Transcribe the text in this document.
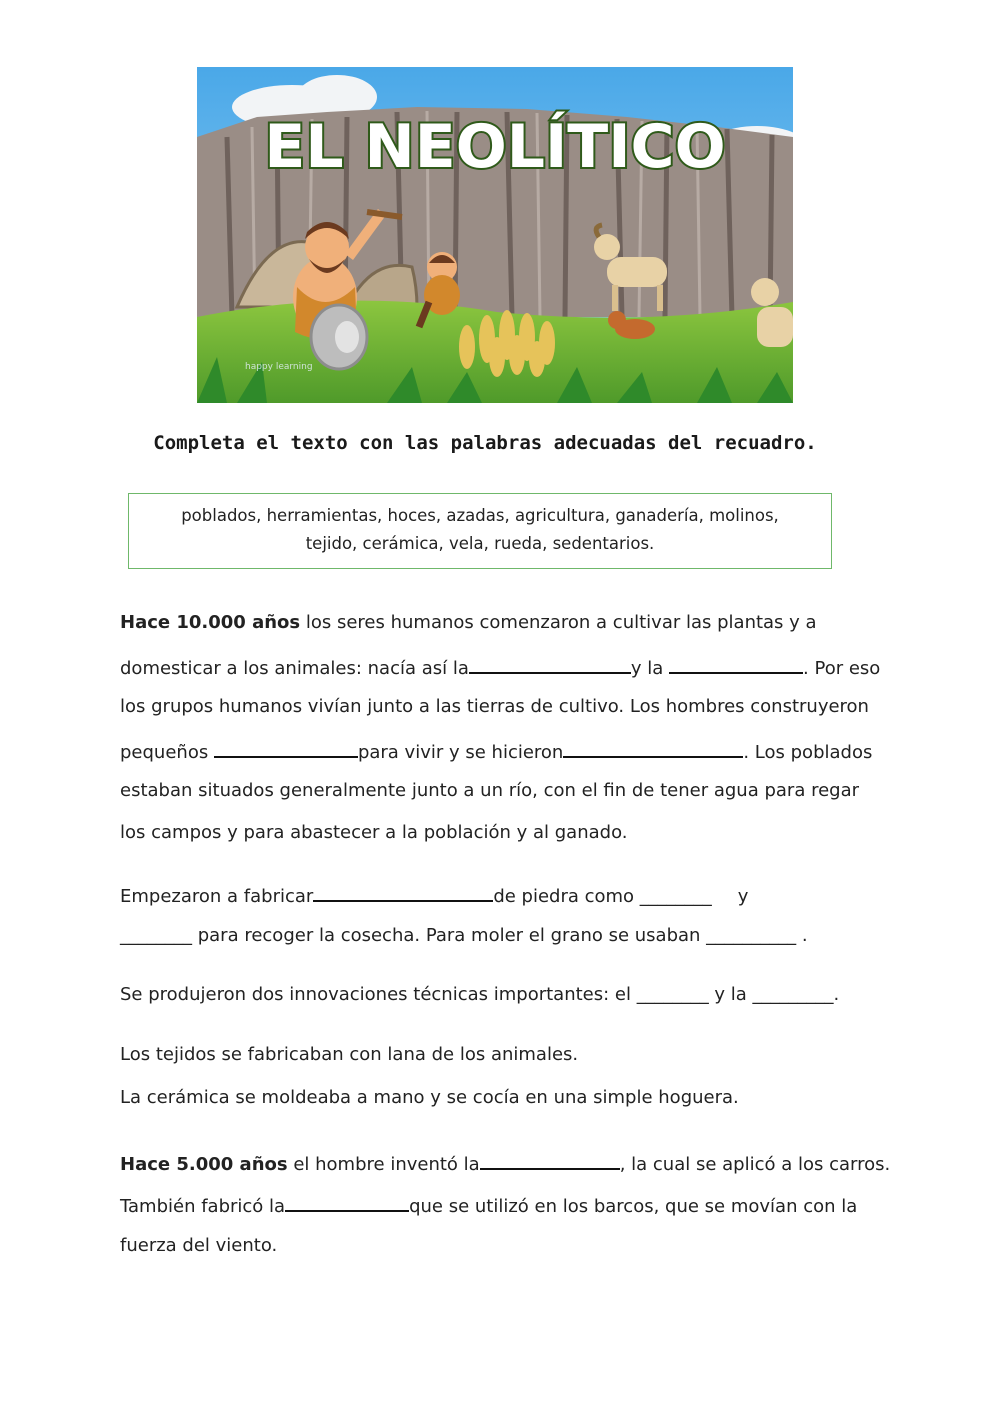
EL NEOLÍTICO
happy learning
Completa el texto con las palabras adecuadas del recuadro.
poblados, herramientas, hoces, azadas, agricultura, ganadería, molinos,
tejido, cerámica, vela, rueda, sedentarios.
Hace 10.000 años los seres humanos comenzaron a cultivar las plantas y a
domesticar a los animales: nacía así la	y la	. Por eso
los grupos humanos vivían junto a las tierras de cultivo. Los hombres construyeron
pequeños	para vivir y se hicieron	. Los poblados
estaban situados generalmente junto a un río, con el fin de tener agua para regar
los campos y para abastecer a la población y al ganado.
Empezaron a fabricar	de piedra como ________ y
________ para recoger la cosecha. Para moler el grano se usaban __________ .
Se produjeron dos innovaciones técnicas importantes: el ________ y la _________.
Los tejidos se fabricaban con lana de los animales.
La cerámica se moldeaba a mano y se cocía en una simple hoguera.
Hace 5.000 años el hombre inventó la	, la cual se aplicó a los carros.
También fabricó la	que se utilizó en los barcos, que se movían con la
fuerza del viento.
